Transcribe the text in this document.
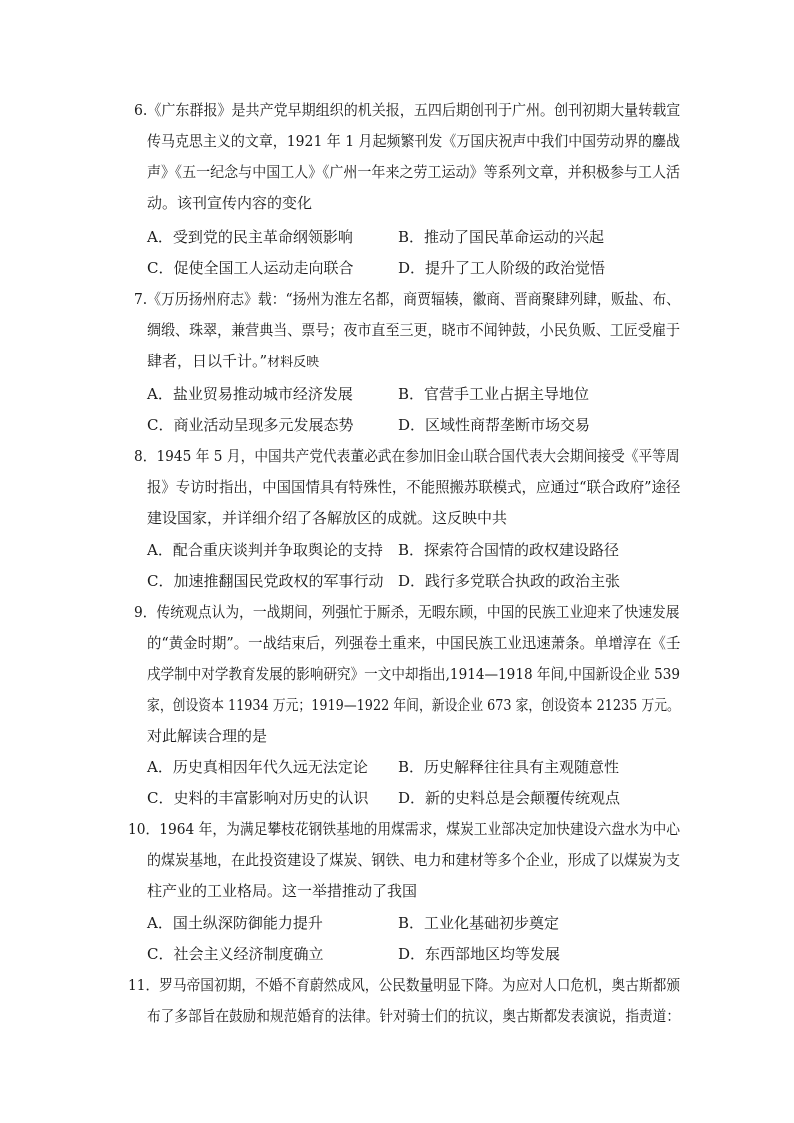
6.《广东群报》是共产党早期组织的机关报，五四后期创刊于广州。创刊初期大量转载宣
传马克思主义的文章，1921 年 1 月起频繁刊发《万国庆祝声中我们中国劳动界的鏖战
声》《五一纪念与中国工人》《广州一年来之劳工运动》等系列文章，并积极参与工人活
动。该刊宣传内容的变化
A．受到党的民主革命纲领影响	B．推动了国民革命运动的兴起
C．促使全国工人运动走向联合	D．提升了工人阶级的政治觉悟
7.《万历扬州府志》载：“扬州为淮左名都，商贾辐辏，徽商、晋商聚肆列肆，贩盐、布、
绸缎、珠翠，兼营典当、票号；夜市直至三更，晓市不闻钟鼓，小民负贩、工匠受雇于
肆者，日以千计。”材料反映
A．盐业贸易推动城市经济发展	B．官营手工业占据主导地位
C．商业活动呈现多元发展态势	D．区域性商帮垄断市场交易
8．1945 年 5 月，中国共产党代表董必武在参加旧金山联合国代表大会期间接受《平等周
报》专访时指出，中国国情具有特殊性，不能照搬苏联模式，应通过“联合政府”途径
建设国家，并详细介绍了各解放区的成就。这反映中共
A．配合重庆谈判并争取舆论的支持 B．探索符合国情的政权建设路径
C．加速推翻国民党政权的军事行动 D．践行多党联合执政的政治主张
9．传统观点认为，一战期间，列强忙于厮杀，无暇东顾，中国的民族工业迎来了快速发展
的“黄金时期”。一战结束后，列强卷土重来，中国民族工业迅速萧条。单增淳在《壬
戌学制中对学教育发展的影响研究》一文中却指出,1914—1918 年间,中国新设企业 539
家，创设资本 11934 万元；1919—1922 年间，新设企业 673 家，创设资本 21235 万元。
对此解读合理的是
A．历史真相因年代久远无法定论 B．历史解释往往具有主观随意性
C．史料的丰富影响对历史的认识 D．新的史料总是会颠覆传统观点
10．1964 年，为满足攀枝花钢铁基地的用煤需求，煤炭工业部决定加快建设六盘水为中心
的煤炭基地，在此投资建设了煤炭、钢铁、电力和建材等多个企业，形成了以煤炭为支
柱产业的工业格局。这一举措推动了我国
A．国土纵深防御能力提升	B．工业化基础初步奠定
C．社会主义经济制度确立	D．东西部地区均等发展
11．罗马帝国初期，不婚不育蔚然成风，公民数量明显下降。为应对人口危机，奥古斯都颁
布了多部旨在鼓励和规范婚育的法律。针对骑士们的抗议，奥古斯都发表演说，指责道：
